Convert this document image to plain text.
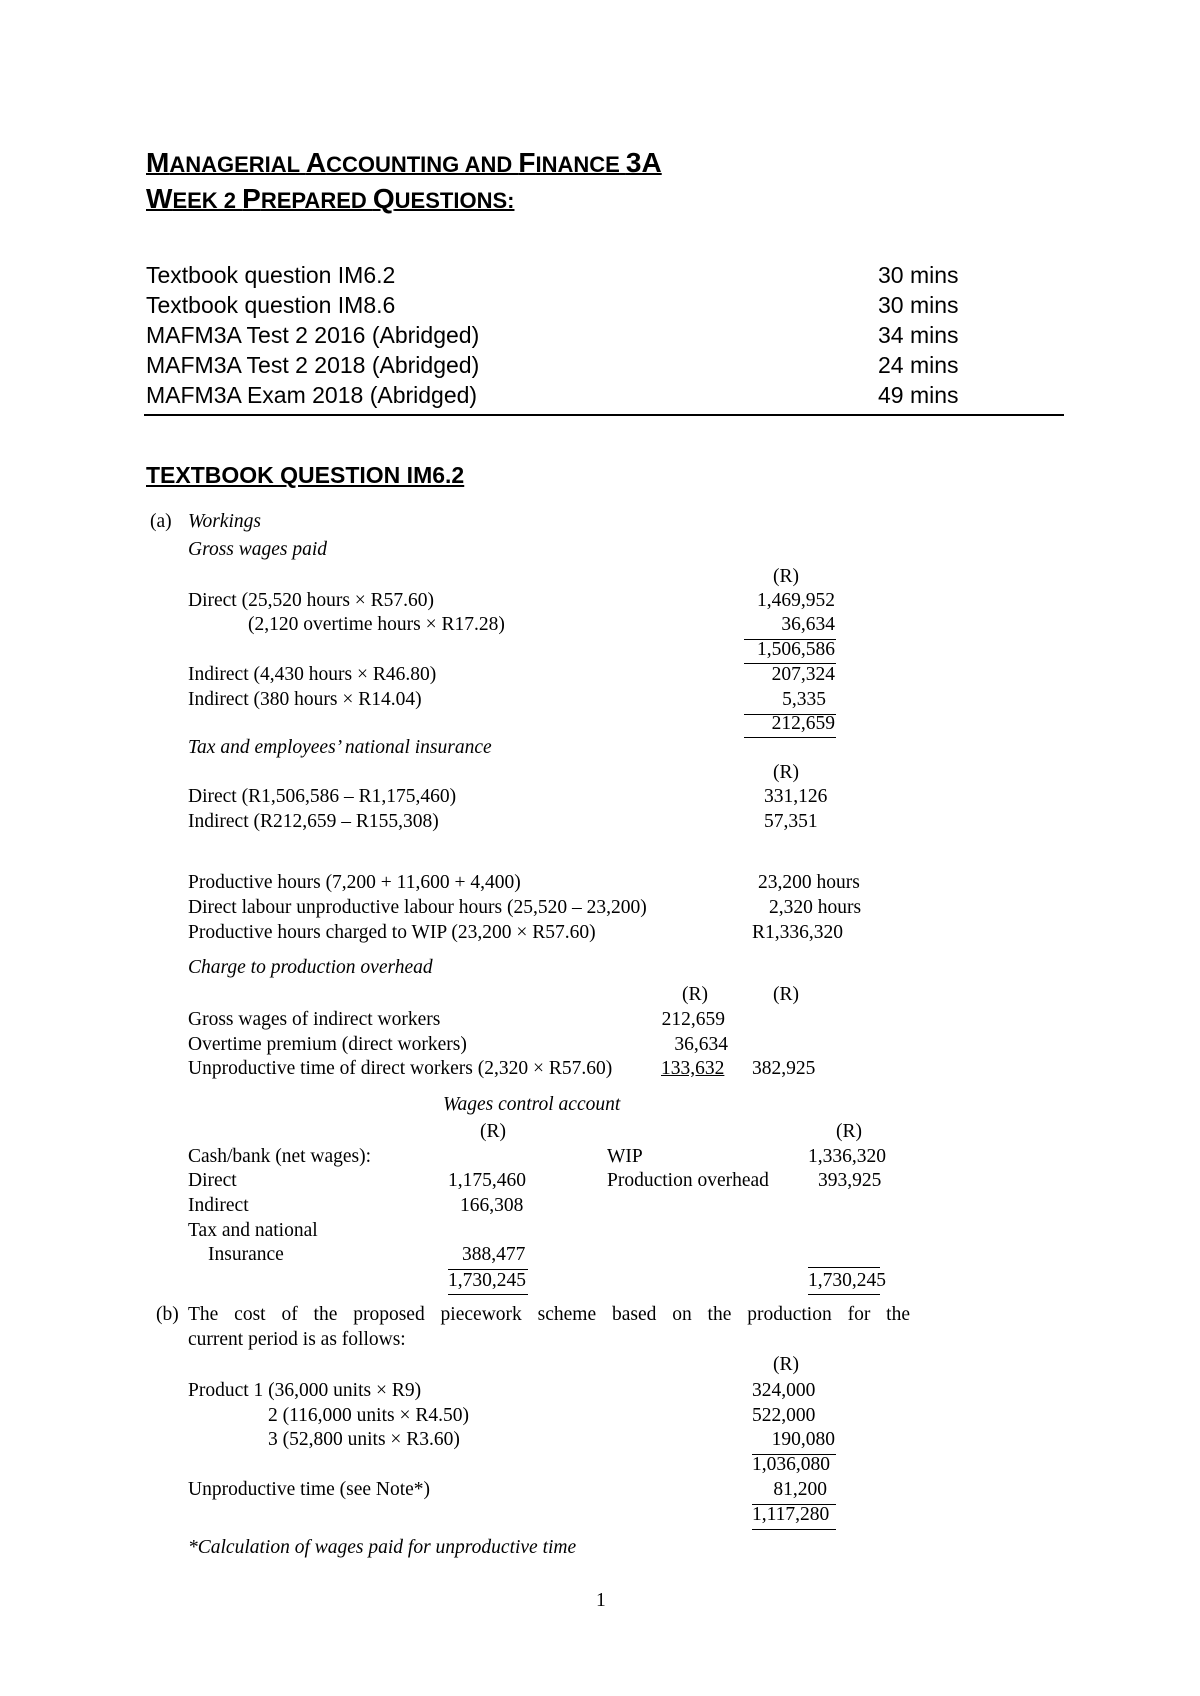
MANAGERIAL ACCOUNTING AND FINANCE 3A
WEEK 2 PREPARED QUESTIONS:
Textbook question IM6.2	30 mins
Textbook question IM8.6	30 mins
MAFM3A Test 2 2016 (Abridged)	34 mins
MAFM3A Test 2 2018 (Abridged)	24 mins
MAFM3A Exam 2018 (Abridged)	49 mins
TEXTBOOK QUESTION IM6.2
(a) Workings
Gross wages paid
(R)
Direct (25,520 hours × R57.60)	1,469,952
(2,120 overtime hours × R17.28)	36,634
1,506,586
Indirect (4,430 hours × R46.80)	207,324
Indirect (380 hours × R14.04)	5,335
212,659
Tax and employees’ national insurance
(R)
Direct (R1,506,586 – R1,175,460)	331,126
Indirect (R212,659 – R155,308)	57,351
Productive hours (7,200 + 11,600 + 4,400)	23,200 hours
Direct labour unproductive labour hours (25,520 – 23,200)	2,320 hours
Productive hours charged to WIP (23,200 × R57.60)	R1,336,320
Charge to production overhead
(R)	(R)
Gross wages of indirect workers	212,659
Overtime premium (direct workers)	36,634
Unproductive time of direct workers (2,320 × R57.60)	133,632 382,925
Wages control account
(R)	(R)
Cash/bank (net wages):	WIP	1,336,320
Direct	1,175,460	Production overhead	393,925
Indirect	166,308
Tax and national
Insurance	388,477
1,730,245	1,730,245
(b) The cost of the proposed piecework scheme based on the production for the
current period is as follows:
(R)
Product 1 (36,000 units × R9)	324,000
2 (116,000 units × R4.50)	522,000
3 (52,800 units × R3.60)	190,080
1,036,080
Unproductive time (see Note*)	81,200
1,117,280
*Calculation of wages paid for unproductive time
1
